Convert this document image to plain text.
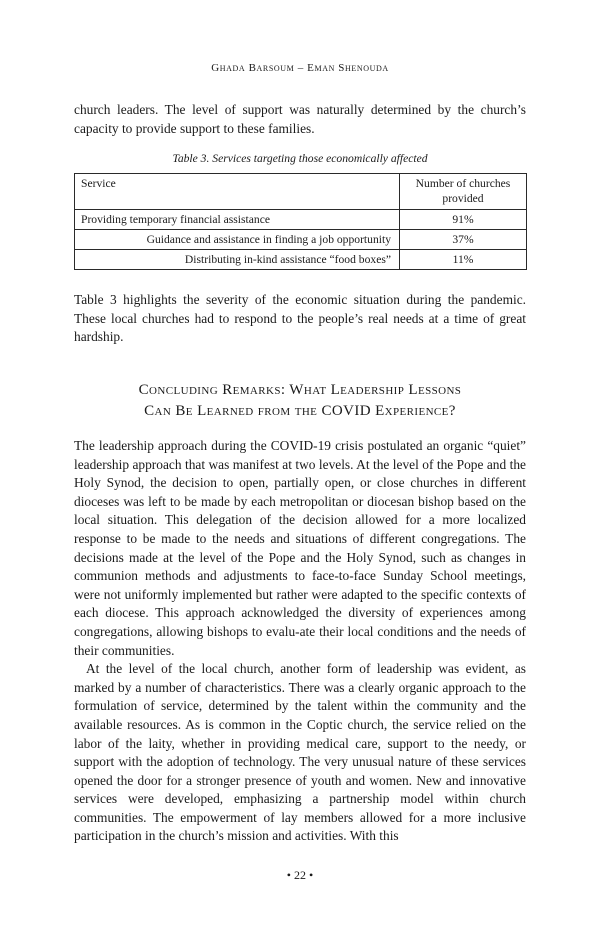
Ghada Barsoum – Eman Shenouda

church leaders. The level of support was naturally determined by the church’s capacity to provide support to these families.

Table 3. Services targeting those economically affected
Service	Number of churches provided
Providing temporary financial assistance	91%
Guidance and assistance in finding a job opportunity	37%
Distributing in-kind assistance “food boxes”	11%

Table 3 highlights the severity of the economic situation during the pandemic. These local churches had to respond to the people’s real needs at a time of great hardship.

Concluding Remarks: What Leadership Lessons
Can Be Learned from the COVID Experience?

The leadership approach during the COVID-19 crisis postulated an organic “quiet” leadership approach that was manifest at two levels. At the level of the Pope and the Holy Synod, the decision to open, partially open, or close churches in different dioceses was left to be made by each metropolitan or diocesan bishop based on the local situation. This delegation of the decision allowed for a more localized response to be made to the needs and situations of different congregations. The decisions made at the level of the Pope and the Holy Synod, such as changes in communion methods and adjustments to face-to-face Sunday School meetings, were not uniformly implemented but rather were adapted to the specific contexts of each diocese. This approach acknowledged the diversity of experiences among congregations, allowing bishops to evalu-ate their local conditions and the needs of their communities.

At the level of the local church, another form of leadership was evident, as marked by a number of characteristics. There was a clearly organic approach to the formulation of service, determined by the talent within the community and the available resources. As is common in the Coptic church, the service relied on the labor of the laity, whether in providing medical care, support to the needy, or support with the adoption of technology. The very unusual nature of these services opened the door for a stronger presence of youth and women. New and innovative services were developed, emphasizing a partnership model within church communities. The empowerment of lay members allowed for a more inclusive participation in the church’s mission and activities. With this

• 22 •
